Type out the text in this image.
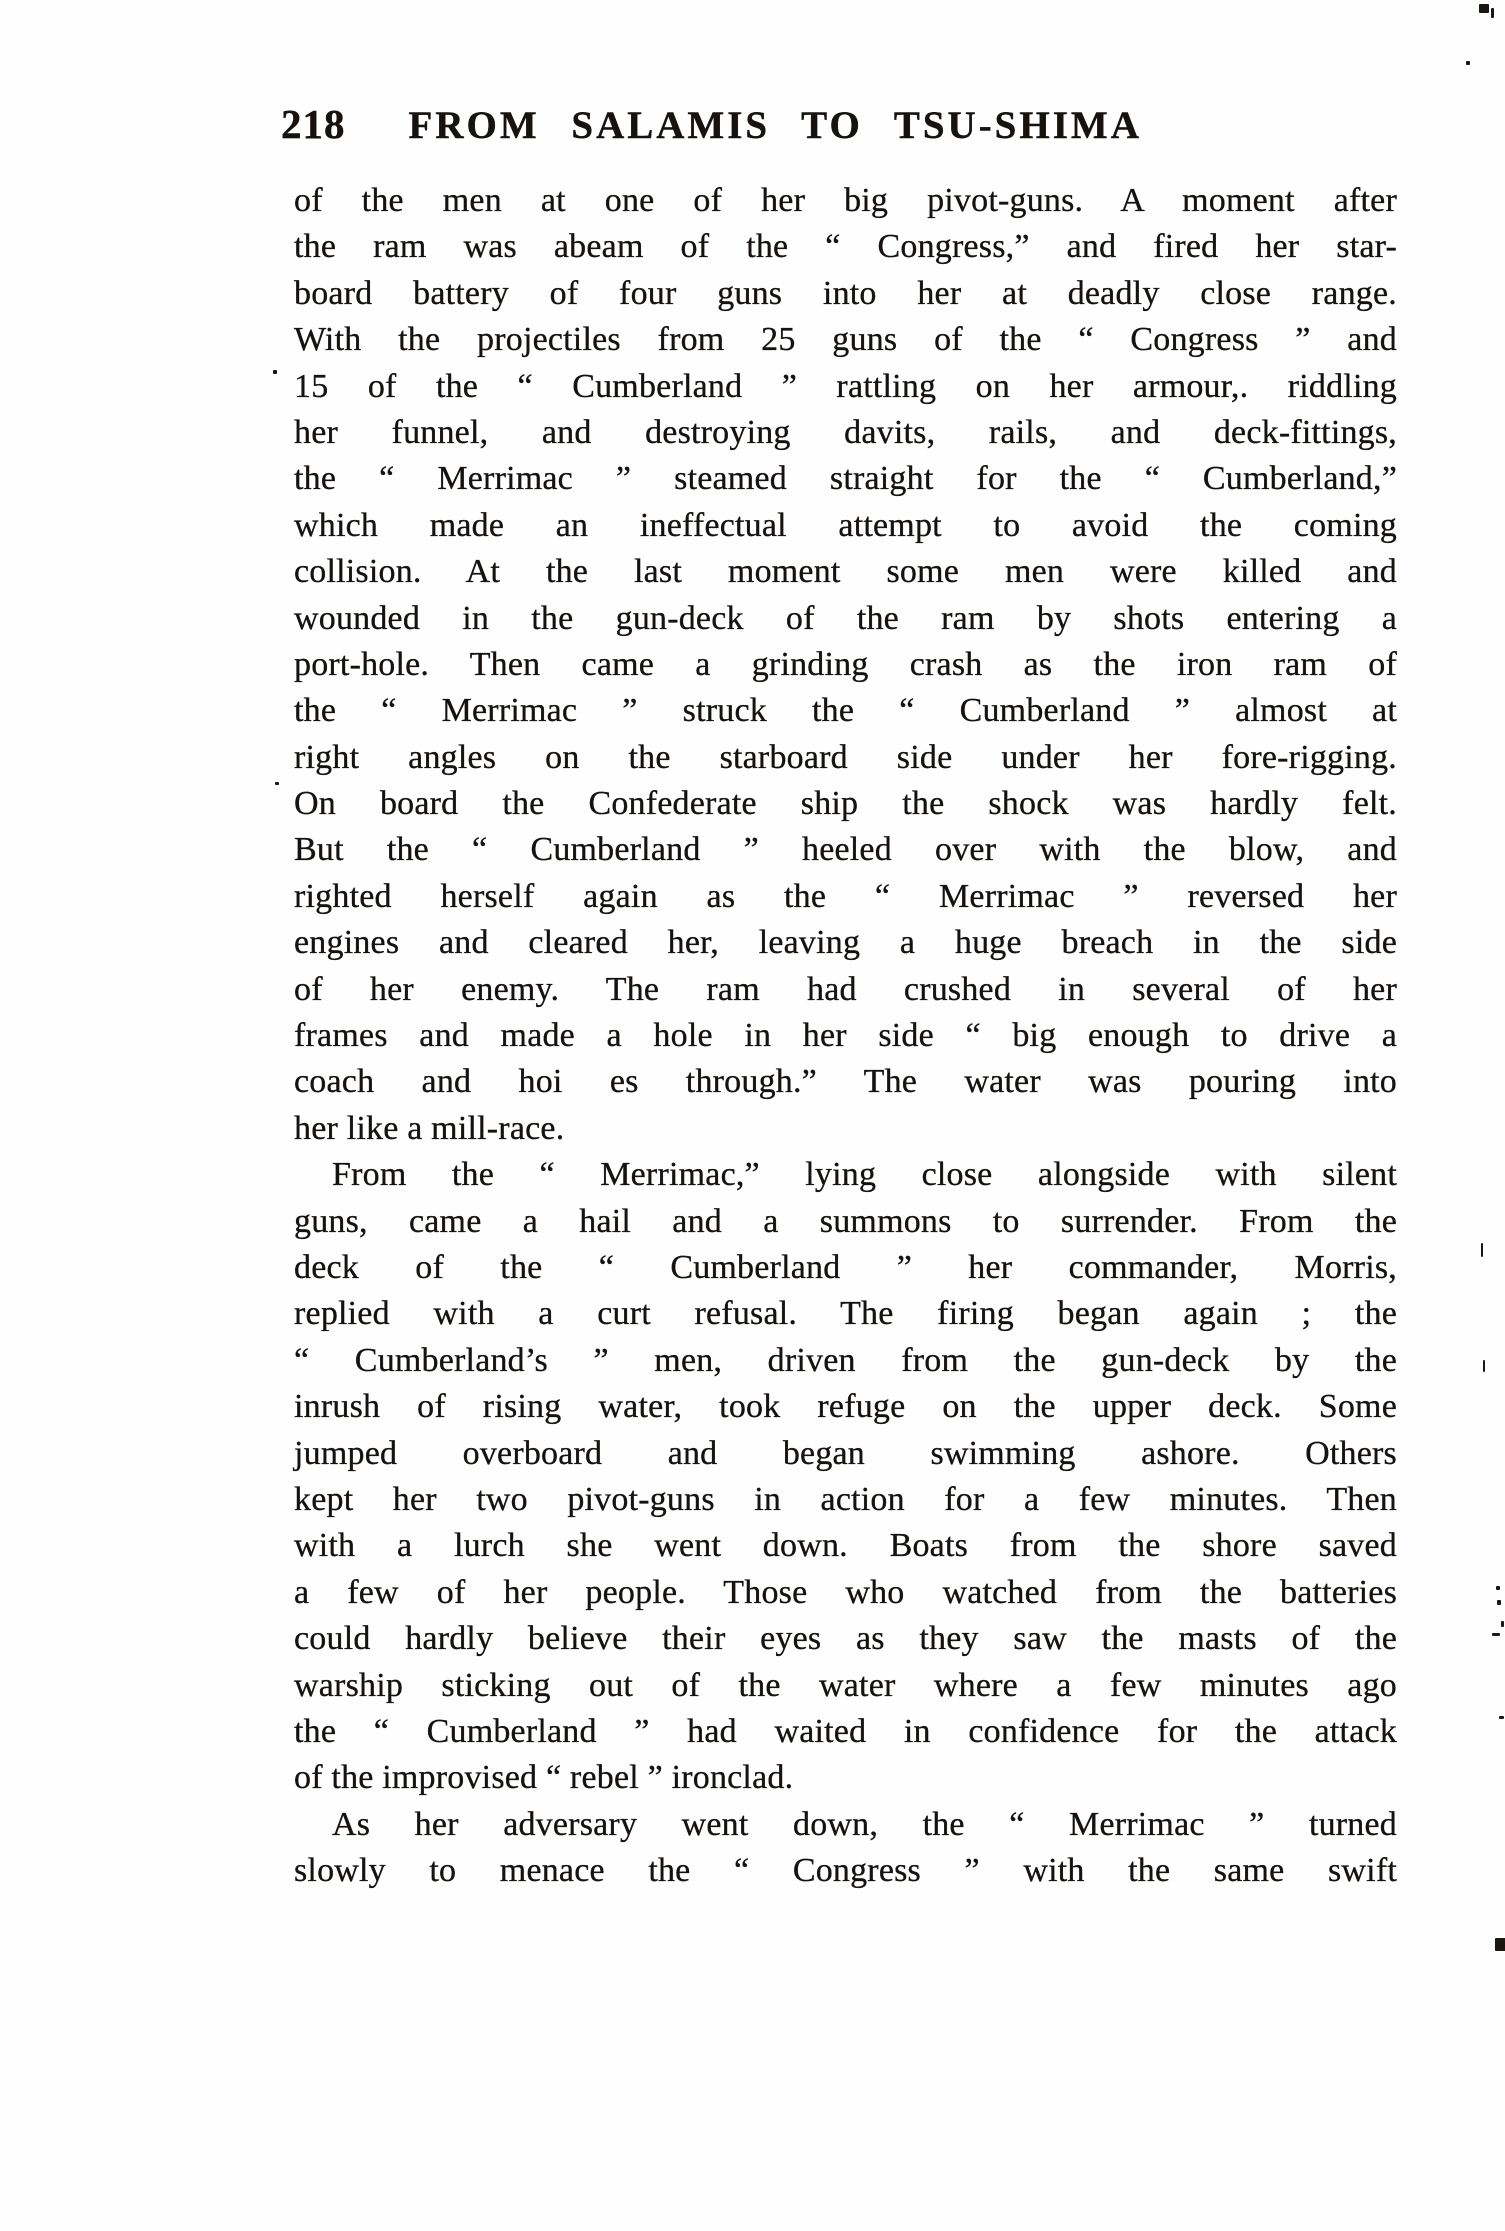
218 FROM SALAMIS TO TSU-SHIMA

of the men at one of her big pivot-guns. A moment after
the ram was abeam of the “ Congress,” and fired her star-
board battery of four guns into her at deadly close range.
With the projectiles from 25 guns of the “ Congress ” and
15 of the “ Cumberland ” rattling on her armour,. riddling
her funnel, and destroying davits, rails, and deck-fittings,
the “ Merrimac ” steamed straight for the “ Cumberland,”
which made an ineffectual attempt to avoid the coming
collision. At the last moment some men were killed and
wounded in the gun-deck of the ram by shots entering a
port-hole. Then came a grinding crash as the iron ram of
the “ Merrimac ” struck the “ Cumberland ” almost at
right angles on the starboard side under her fore-rigging.
On board the Confederate ship the shock was hardly felt.
But the “ Cumberland ” heeled over with the blow, and
righted herself again as the “ Merrimac ” reversed her
engines and cleared her, leaving a huge breach in the side
of her enemy. The ram had crushed in several of her
frames and made a hole in her side “ big enough to drive a
coach and hoi es through.” The water was pouring into
her like a mill-race.

From the “ Merrimac,” lying close alongside with silent
guns, came a hail and a summons to surrender. From the
deck of the “ Cumberland ” her commander, Morris,
replied with a curt refusal. The firing began again ; the
“ Cumberland’s ” men, driven from the gun-deck by the
inrush of rising water, took refuge on the upper deck. Some
jumped overboard and began swimming ashore. Others
kept her two pivot-guns in action for a few minutes. Then
with a lurch she went down. Boats from the shore saved
a few of her people. Those who watched from the batteries
could hardly believe their eyes as they saw the masts of the
warship sticking out of the water where a few minutes ago
the “ Cumberland ” had waited in confidence for the attack
of the improvised “ rebel ” ironclad.

As her adversary went down, the “ Merrimac ” turned
slowly to menace the “ Congress ” with the same swift
